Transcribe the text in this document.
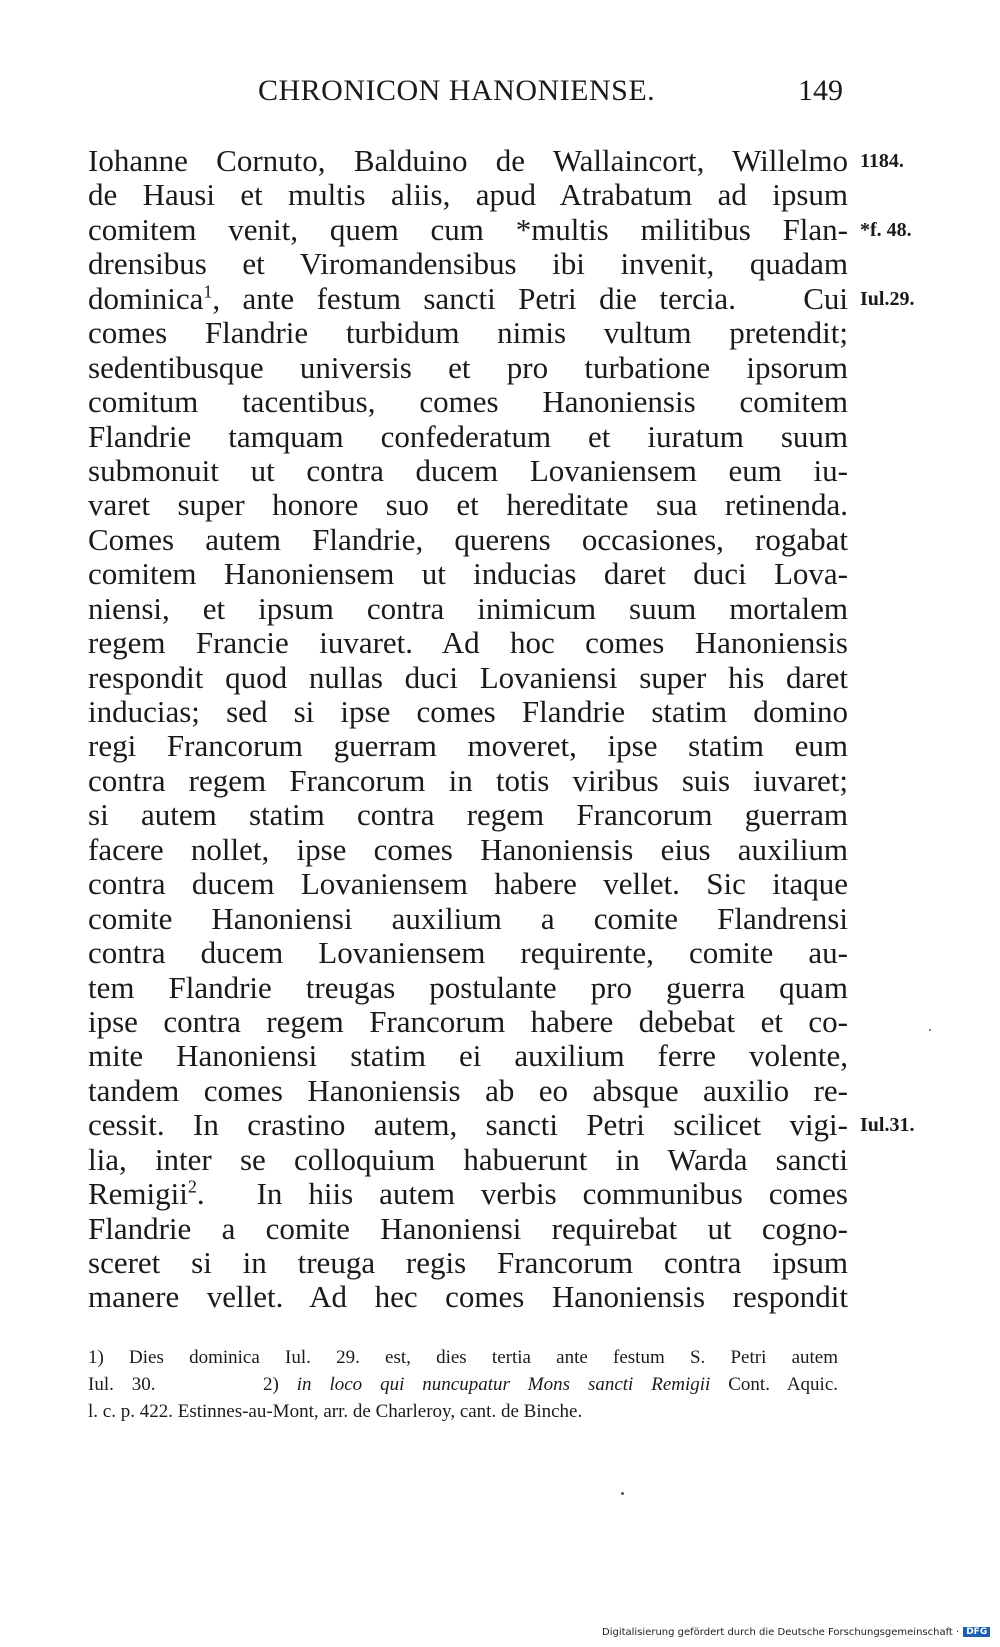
CHRONICON HANONIENSE.	149
Iohanne Cornuto, Balduino de Wallaincort, Willelmo 1184.
de Hausi et multis aliis, apud Atrabatum ad ipsum
comitem venit, quem cum *multis militibus Flan- *f. 48.
drensibus et Viromandensibus ibi invenit, quadam
dominica$^1$, ante festum sancti Petri die tercia.   Cui Iul.29.
comes Flandrie turbidum nimis vultum pretendit;
sedentibusque universis et pro turbatione ipsorum
comitum tacentibus, comes Hanoniensis comitem
Flandrie tamquam confederatum et iuratum suum
submonuit ut contra ducem Lovaniensem eum iu-
varet super honore suo et hereditate sua retinenda.
Comes autem Flandrie, querens occasiones, rogabat
comitem Hanoniensem ut inducias daret duci Lova-
niensi, et ipsum contra inimicum suum mortalem
regem Francie iuvaret. Ad hoc comes Hanoniensis
respondit quod nullas duci Lovaniensi super his daret
inducias; sed si ipse comes Flandrie statim domino
regi Francorum guerram moveret, ipse statim eum
contra regem Francorum in totis viribus suis iuvaret;
si autem statim contra regem Francorum guerram
facere nollet, ipse comes Hanoniensis eius auxilium
contra ducem Lovaniensem habere vellet. Sic itaque
comite Hanoniensi auxilium a comite Flandrensi
contra ducem Lovaniensem requirente, comite au-
tem Flandrie treugas postulante pro guerra quam
ipse contra regem Francorum habere debebat et co-
mite Hanoniensi statim ei auxilium ferre volente,
tandem comes Hanoniensis ab eo absque auxilio re-
cessit. In crastino autem, sancti Petri scilicet vigi- Iul.31.
lia, inter se colloquium habuerunt in Warda sancti
Remigii$^2$.  In hiis autem verbis communibus comes
Flandrie a comite Hanoniensi requirebat ut cogno-
sceret si in treuga regis Francorum contra ipsum
manere vellet. Ad hec comes Hanoniensis respondit
1) Dies dominica Iul. 29. est, dies tertia ante festum S. Petri autem
Iul. 30.      2) in loco qui nuncupatur Mons sancti Remigii Cont. Aquic.
l. c. p. 422. Estinnes-au-Mont, arr. de Charleroy, cant. de Binche.
Digitalisierung gefördert durch die Deutsche Forschungsgemeinschaft · DFG
